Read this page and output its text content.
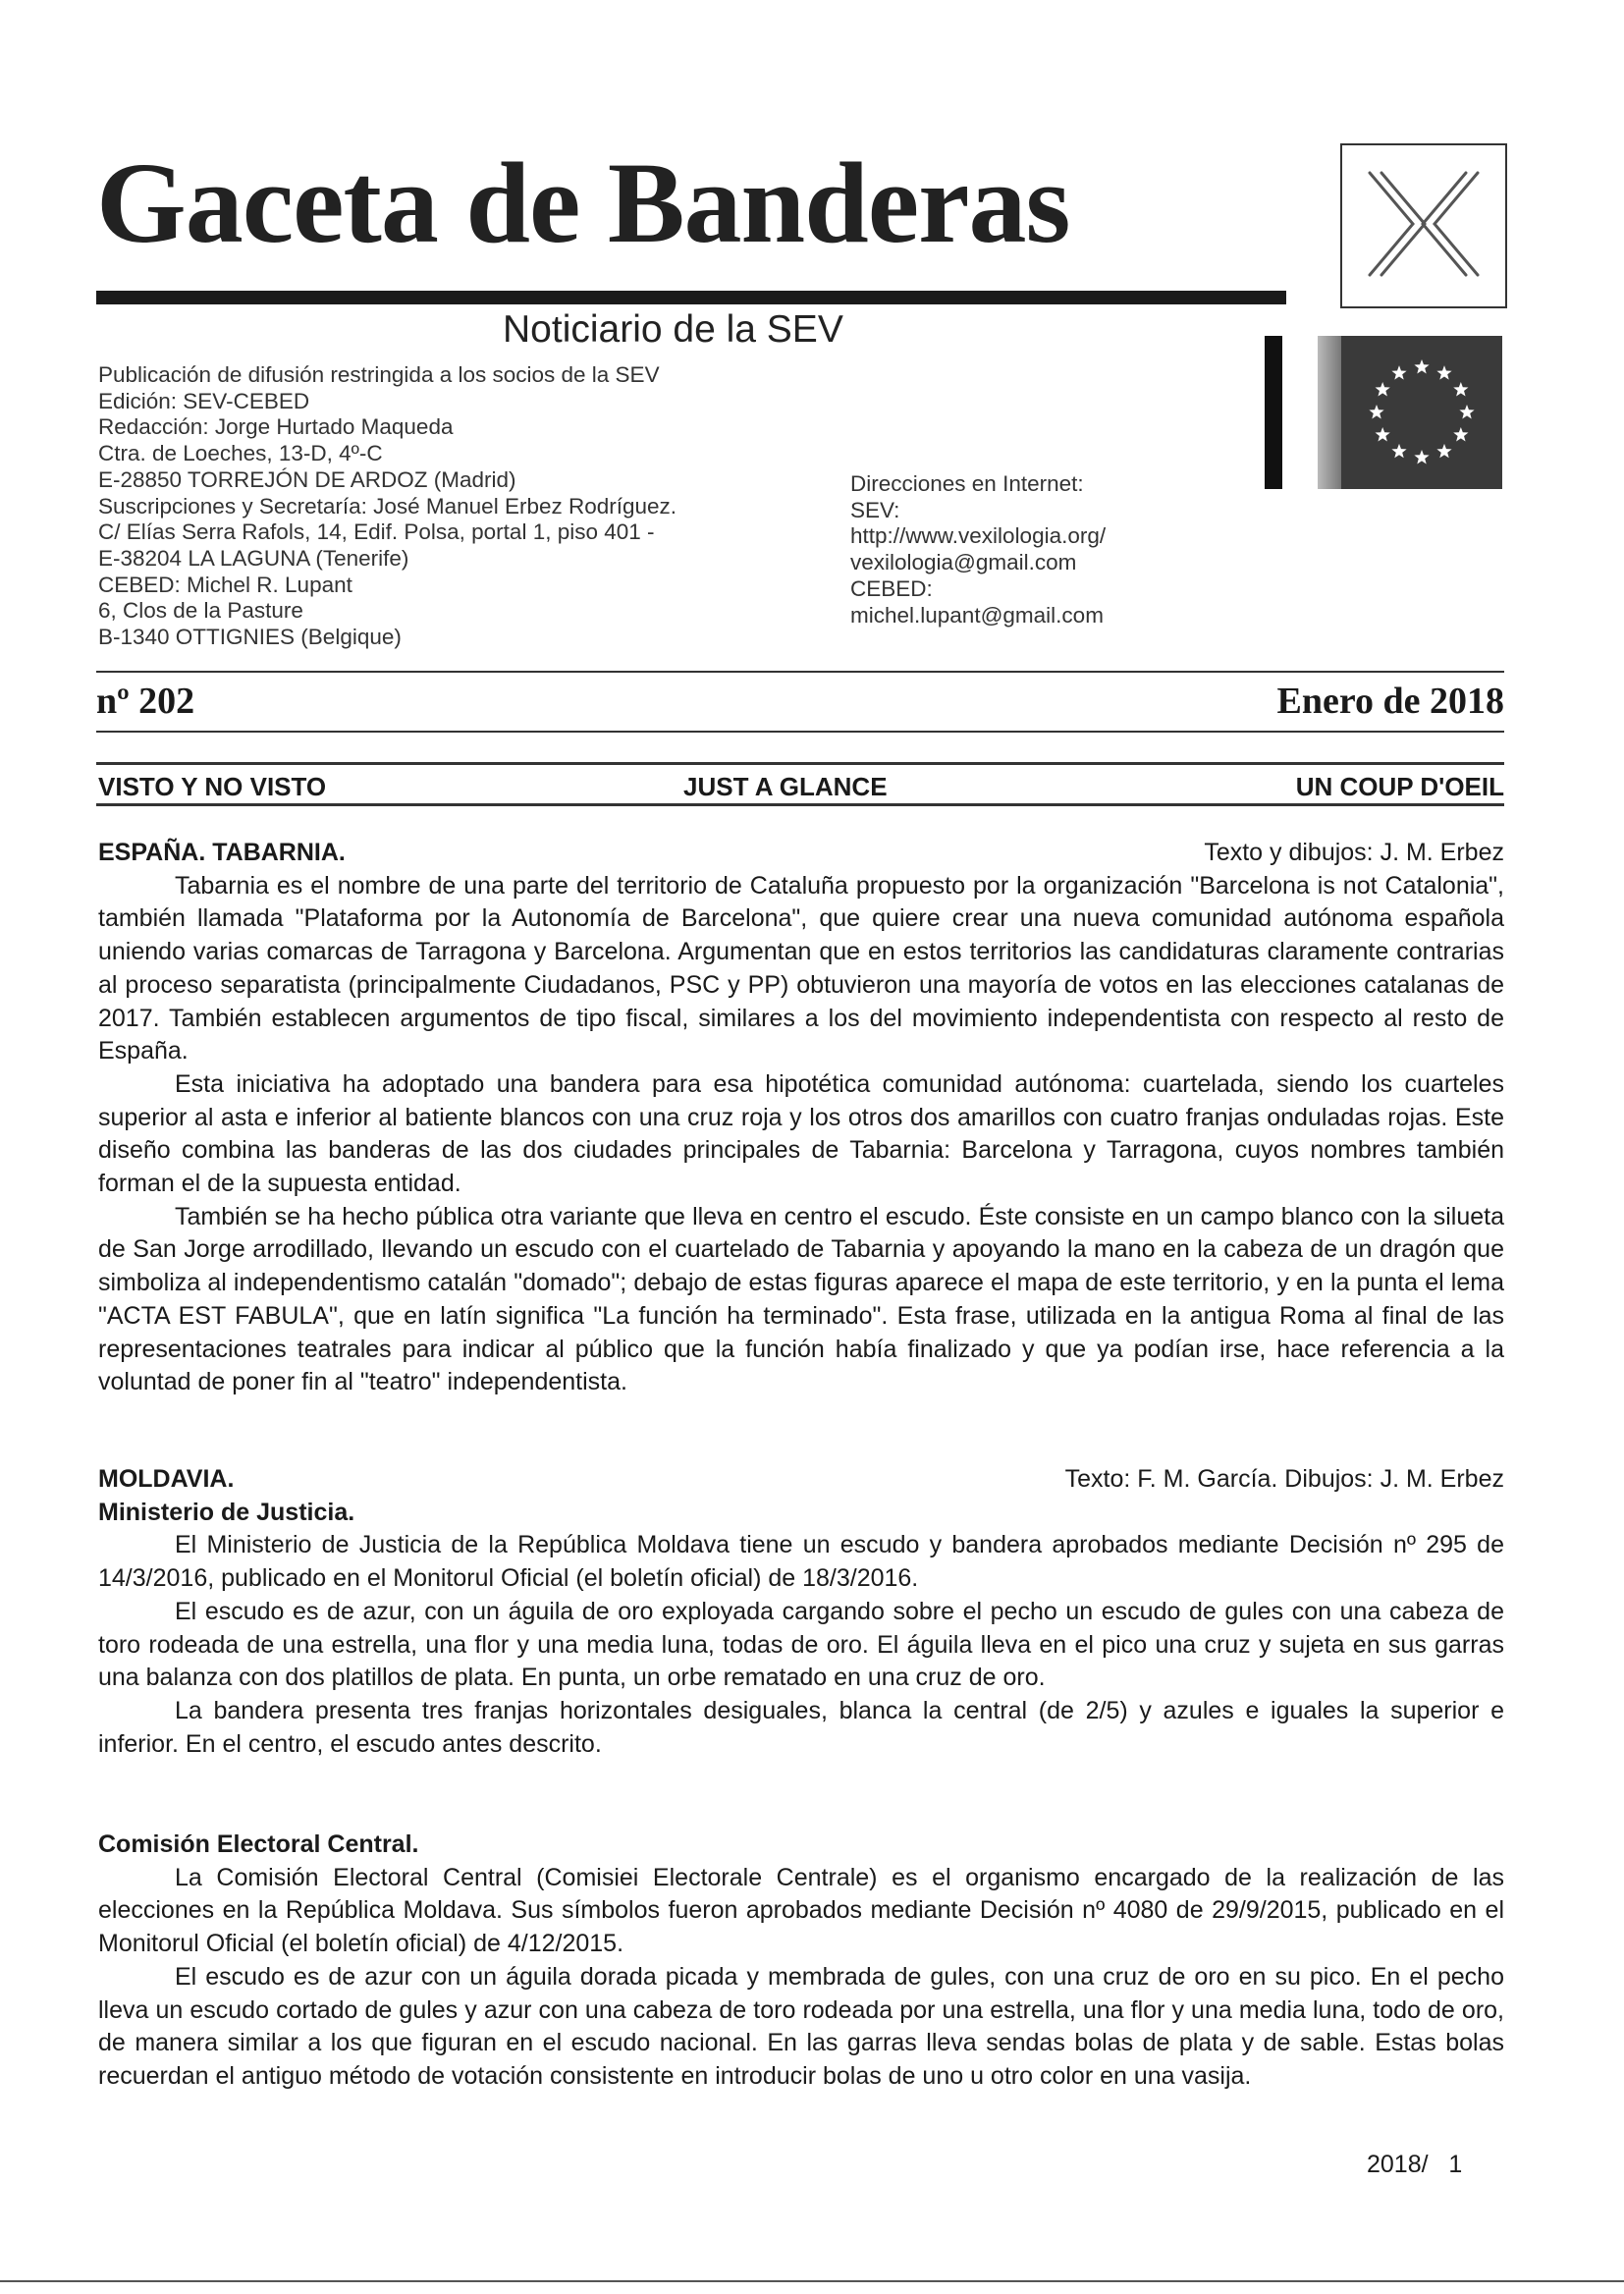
Gaceta de Banderas
Noticiario de la SEV
Publicación de difusión restringida a los socios de la SEV
Edición: SEV-CEBED
Redacción: Jorge Hurtado Maqueda
Ctra. de Loeches, 13-D, 4º-C
E-28850 TORREJÓN DE ARDOZ (Madrid)
Suscripciones y Secretaría: José Manuel Erbez Rodríguez.
C/ Elías Serra Rafols, 14, Edif. Polsa, portal 1, piso 401 -
E-38204 LA LAGUNA (Tenerife)
CEBED: Michel R. Lupant
6, Clos de la Pasture
B-1340 OTTIGNIES (Belgique)
Direcciones en Internet:
SEV:
http://www.vexilologia.org/
vexilologia@gmail.com
CEBED:
michel.lupant@gmail.com
nº 202	Enero de 2018
VISTO Y NO VISTO	JUST A GLANCE	UN COUP D'OEIL
ESPAÑA. TABARNIA.	Texto y dibujos: J. M. Erbez

Tabarnia es el nombre de una parte del territorio de Cataluña propuesto por la organización "Barcelona is not Catalonia", también llamada "Plataforma por la Autonomía de Barcelona", que quiere crear una nueva comunidad autónoma española uniendo varias comarcas de Tarragona y Barcelona. Argumentan que en estos territorios las candidaturas claramente contrarias al proceso separatista (principalmente Ciudadanos, PSC y PP) obtuvieron una mayoría de votos en las elecciones catalanas de 2017. También establecen argumentos de tipo fiscal, similares a los del movimiento independentista con respecto al resto de España.

Esta iniciativa ha adoptado una bandera para esa hipotética comunidad autónoma: cuartelada, siendo los cuarteles superior al asta e inferior al batiente blancos con una cruz roja y los otros dos amarillos con cuatro franjas onduladas rojas. Este diseño combina las banderas de las dos ciudades principales de Tabarnia: Barcelona y Tarragona, cuyos nombres también forman el de la supuesta entidad.

También se ha hecho pública otra variante que lleva en centro el escudo. Éste consiste en un campo blanco con la silueta de San Jorge arrodillado, llevando un escudo con el cuartelado de Tabarnia y apoyando la mano en la cabeza de un dragón que simboliza al independentismo catalán "domado"; debajo de estas figuras aparece el mapa de este territorio, y en la punta el lema "ACTA EST FABULA", que en latín significa "La función ha terminado". Esta frase, utilizada en la antigua Roma al final de las representaciones teatrales para indicar al público que la función había finalizado y que ya podían irse, hace referencia a la voluntad de poner fin al "teatro" independentista.

MOLDAVIA.	Texto: F. M. García. Dibujos: J. M. Erbez
Ministerio de Justicia.

El Ministerio de Justicia de la República Moldava tiene un escudo y bandera aprobados mediante Decisión nº 295 de 14/3/2016, publicado en el Monitorul Oficial (el boletín oficial) de 18/3/2016.

El escudo es de azur, con un águila de oro exployada cargando sobre el pecho un escudo de gules con una cabeza de toro rodeada de una estrella, una flor y una media luna, todas de oro. El águila lleva en el pico una cruz y sujeta en sus garras una balanza con dos platillos de plata. En punta, un orbe rematado en una cruz de oro.

La bandera presenta tres franjas horizontales desiguales, blanca la central (de 2/5) y azules e iguales la superior e inferior. En el centro, el escudo antes descrito.

Comisión Electoral Central.

La Comisión Electoral Central (Comisiei Electorale Centrale) es el organismo encargado de la realización de las elecciones en la República Moldava. Sus símbolos fueron aprobados mediante Decisión nº 4080 de 29/9/2015, publicado en el Monitorul Oficial (el boletín oficial) de 4/12/2015.

El escudo es de azur con un águila dorada picada y membrada de gules, con una cruz de oro en su pico. En el pecho lleva un escudo cortado de gules y azur con una cabeza de toro rodeada por una estrella, una flor y una media luna, todo de oro, de manera similar a los que figuran en el escudo nacional. En las garras lleva sendas bolas de plata y de sable. Estas bolas recuerdan el antiguo método de votación consistente en introducir bolas de uno u otro color en una vasija.

2018/   1
